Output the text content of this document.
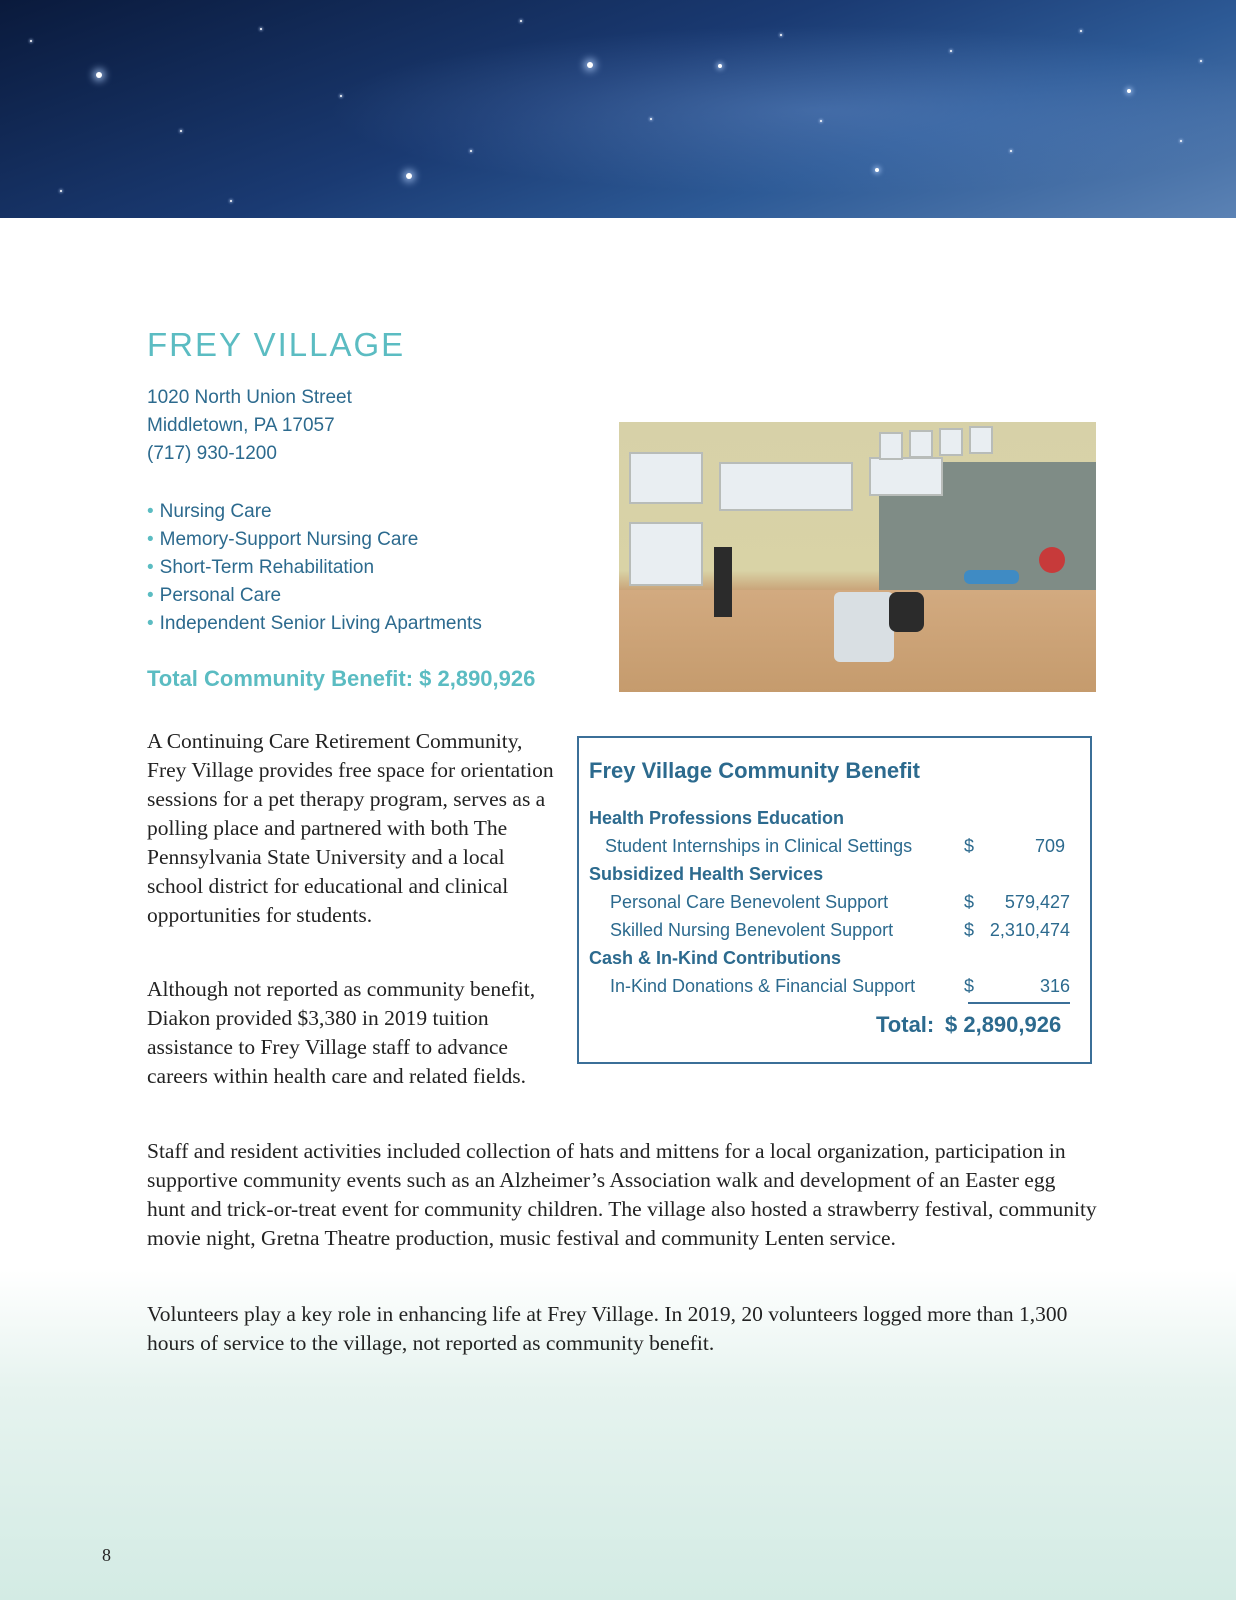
FREY VILLAGE
1020 North Union Street
Middletown, PA 17057
(717) 930-1200
• Nursing Care
• Memory-Support Nursing Care
• Short-Term Rehabilitation
• Personal Care
• Independent Senior Living Apartments
Total Community Benefit: $ 2,890,926
Frey Village Community Benefit
Health Professions Education
Student Internships in Clinical Settings	$	709
Subsidized Health Services
Personal Care Benevolent Support	$	579,427
Skilled Nursing Benevolent Support	$ 2,310,474
Cash & In-Kind Contributions
In-Kind Donations & Financial Support	$	316
Total: $ 2,890,926

A Continuing Care Retirement Community, Frey Village provides free space for orientation sessions for a pet therapy program, serves as a polling place and partnered with both The Pennsylvania State University and a local school district for educational and clinical opportunities for students.

Although not reported as community benefit, Diakon provided $3,380 in 2019 tuition assistance to Frey Village staff to advance careers within health care and related fields.

Staff and resident activities included collection of hats and mittens for a local organization, participation in supportive community events such as an Alzheimer’s Association walk and development of an Easter egg hunt and trick-or-treat event for community children. The village also hosted a strawberry festival, community movie night, Gretna Theatre production, music festival and community Lenten service.

Volunteers play a key role in enhancing life at Frey Village. In 2019, 20 volunteers logged more than 1,300 hours of service to the village, not reported as community benefit.

8
